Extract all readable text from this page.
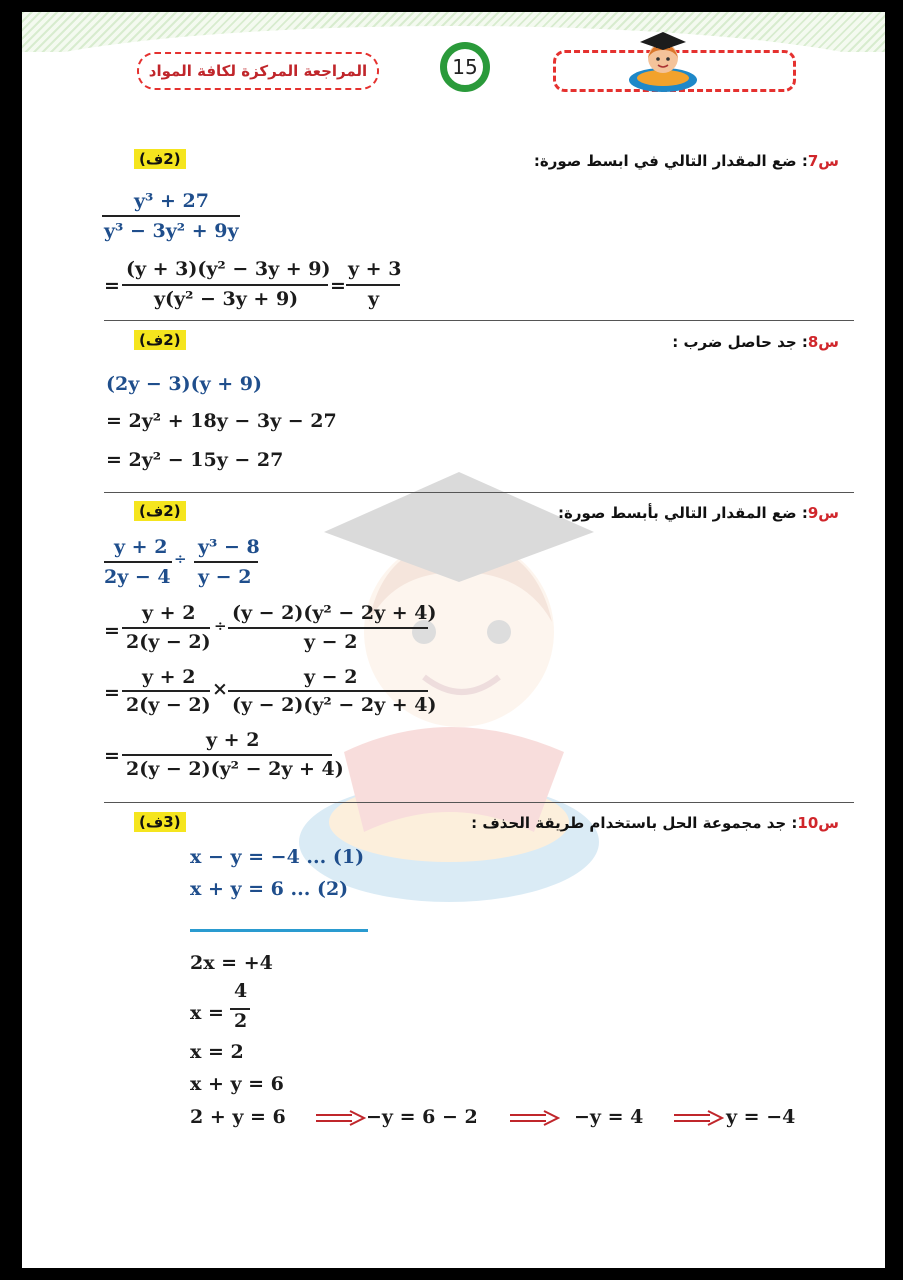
المراجعة المركزة لكافة المواد	15
س7: ضع المقدار التالي في ابسط صورة:
(2ف)
y³ + 27
y³ − 3y² + 9y
=
(y + 3)(y² − 3y + 9)
y(y² − 3y + 9)
=
y + 3
y
س8: جد حاصل ضرب :
(2ف)
(2y − 3)(y + 9)
= 2y² + 18y − 3y − 27
= 2y² − 15y − 27
س9: ضع المقدار التالي بأبسط صورة:
(2ف)
y + 2
2y − 4
÷
y³ − 8
y − 2
=
y + 2
2(y − 2)
÷
(y − 2)(y² − 2y + 4)
y − 2
=
y + 2
2(y − 2)
×
y − 2
(y − 2)(y² − 2y + 4)
=
y + 2
2(y − 2)(y² − 2y + 4)
س10: جد مجموعة الحل باستخدام طريقة الحذف :
(3ف)
x − y = −4 ... (1)
x + y = 6 ... (2)
2x = +4
x =
4
2
x = 2
x + y = 6
2 + y = 6	−y = 6 − 2	−y = 4	y = −4
